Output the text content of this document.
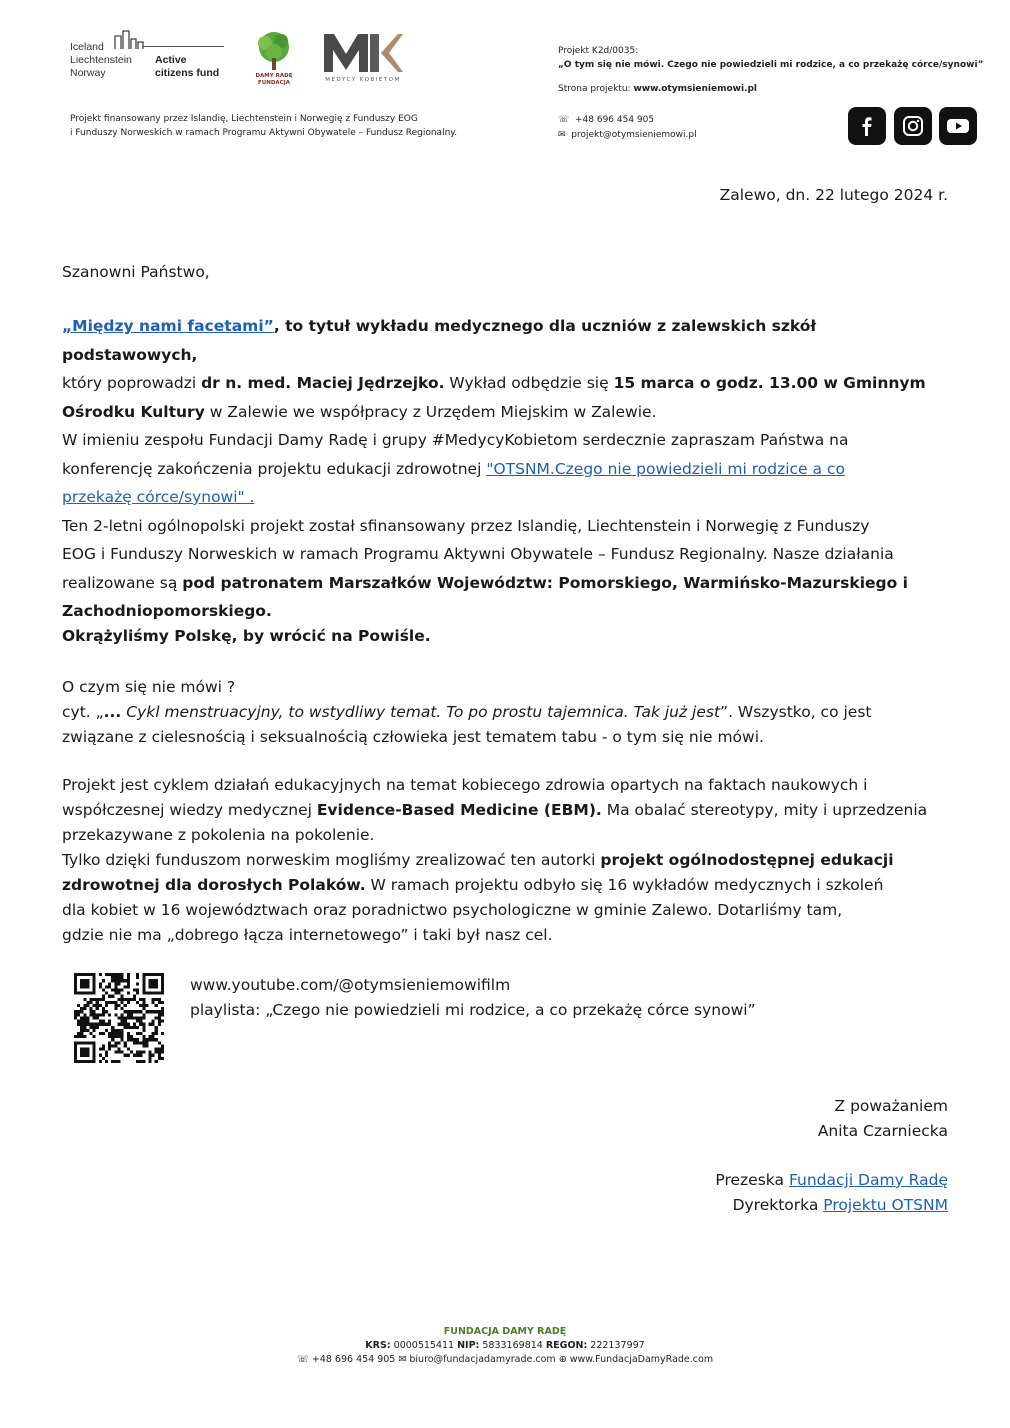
Iceland
Liechtenstein
Norway
Active
citizens fund	DAMY RADĘ
FUNDACJA	MEDYCY KOBIETOM
Projekt finansowany przez Islandię, Liechtenstein i Norwegię z Funduszy EOG
i Funduszy Norweskich w ramach Programu Aktywni Obywatele – Fundusz Regionalny.
Projekt K2d/0035:
„O tym się nie mówi. Czego nie powiedzieli mi rodzice, a co przekażę córce/synowi”
Strona projektu: www.otymsieniemowi.pl
☏ +48 696 454 905
✉ projekt@otymsieniemowi.pl
Zalewo, dn. 22 lutego 2024 r.
Szanowni Państwo,
„Między nami facetami”, to tytuł wykładu medycznego dla uczniów z zalewskich szkół podstawowych,
który poprowadzi dr n. med. Maciej Jędrzejko. Wykład odbędzie się 15 marca o godz. 13.00 w Gminnym
Ośrodku Kultury w Zalewie we współpracy z Urzędem Miejskim w Zalewie.
W imieniu zespołu Fundacji Damy Radę i grupy #MedycyKobietom serdecznie zapraszam Państwa na
konferencję zakończenia projektu edukacji zdrowotnej "OTSNM.Czego nie powiedzieli mi rodzice a co
przekażę córce/synowi" .
Ten 2-letni ogólnopolski projekt został sfinansowany przez Islandię, Liechtenstein i Norwegię z Funduszy
EOG i Funduszy Norweskich w ramach Programu Aktywni Obywatele – Fundusz Regionalny. Nasze działania
realizowane są pod patronatem Marszałków Województw: Pomorskiego, Warmińsko-Mazurskiego i
Zachodniopomorskiego.
Okrążyliśmy Polskę, by wrócić na Powiśle.
O czym się nie mówi ?
cyt. „... Cykl menstruacyjny, to wstydliwy temat. To po prostu tajemnica. Tak już jest”. Wszystko, co jest
związane z cielesnością i seksualnością człowieka jest tematem tabu - o tym się nie mówi.
Projekt jest cyklem działań edukacyjnych na temat kobiecego zdrowia opartych na faktach naukowych i
współczesnej wiedzy medycznej Evidence-Based Medicine (EBM). Ma obalać stereotypy, mity i uprzedzenia
przekazywane z pokolenia na pokolenie.
Tylko dzięki funduszom norweskim mogliśmy zrealizować ten autorki projekt ogólnodostępnej edukacji
zdrowotnej dla dorosłych Polaków. W ramach projektu odbyło się 16 wykładów medycznych i szkoleń
dla kobiet w 16 województwach oraz poradnictwo psychologiczne w gminie Zalewo. Dotarliśmy tam,
gdzie nie ma „dobrego łącza internetowego” i taki był nasz cel.
www.youtube.com/@otymsieniemowifilm
playlista: „Czego nie powiedzieli mi rodzice, a co przekażę córce synowi”
Z poważaniem
Anita Czarniecka
Prezeska Fundacji Damy Radę
Dyrektorka Projektu OTSNM
FUNDACJA DAMY RADĘ
KRS: 0000515411 NIP: 5833169814 REGON: 222137997
☏ +48 696 454 905 ✉ biuro@fundacjadamyrade.com ⊕ www.FundacjaDamyRade.com
